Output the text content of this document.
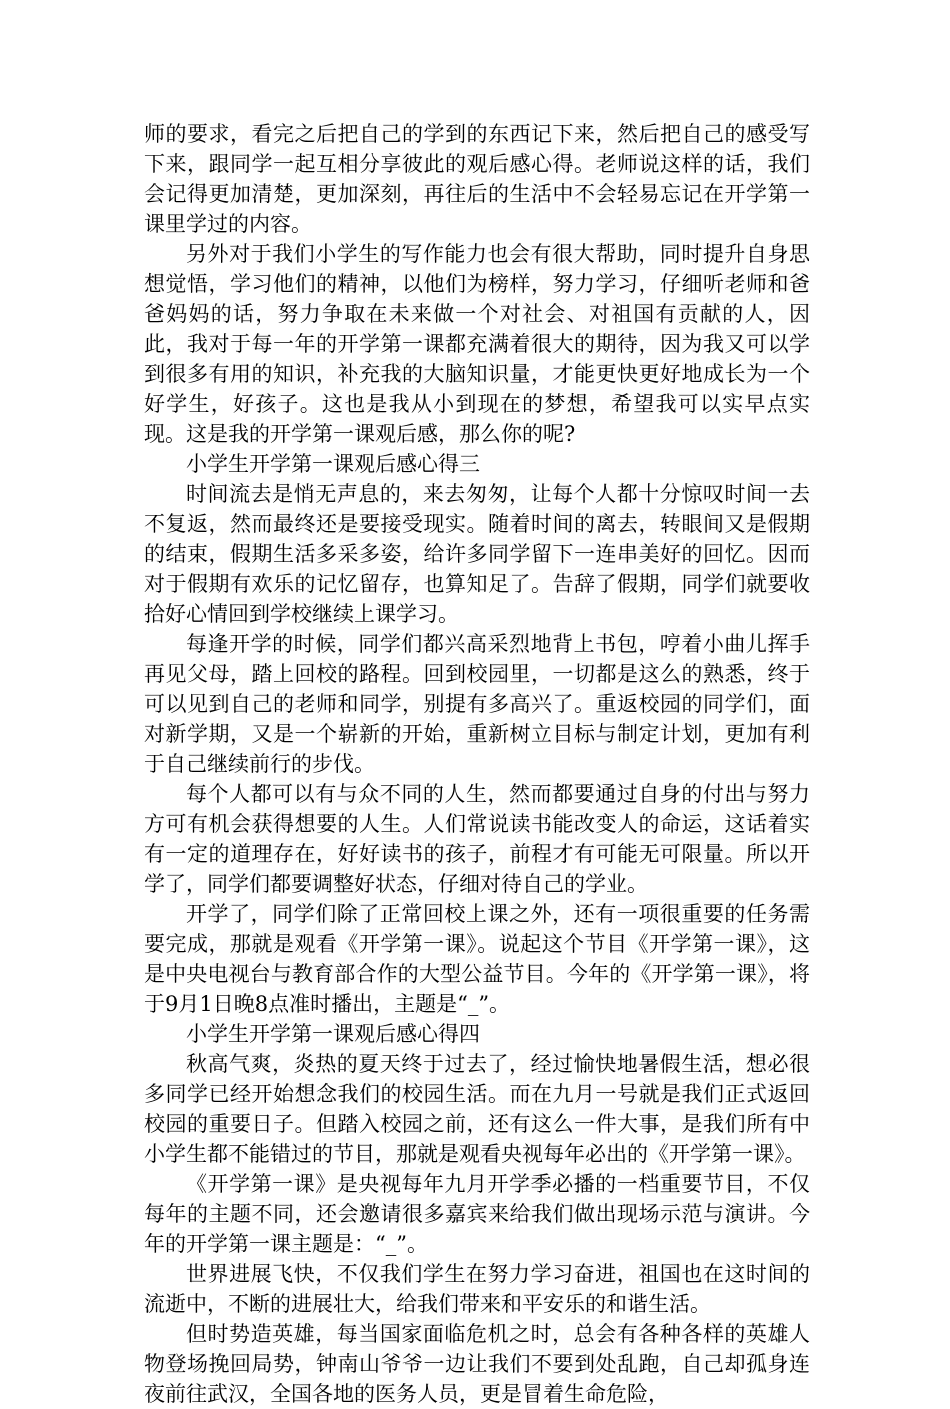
师的要求，看完之后把自己的学到的东西记下来，然后把自己的感受写下来，跟同学一起互相分享彼此的观后感心得。老师说这样的话，我们会记得更加清楚，更加深刻，再往后的生活中不会轻易忘记在开学第一课里学过的内容。

另外对于我们小学生的写作能力也会有很大帮助，同时提升自身思想觉悟，学习他们的精神，以他们为榜样，努力学习，仔细听老师和爸爸妈妈的话，努力争取在未来做一个对社会、对祖国有贡献的人，因此，我对于每一年的开学第一课都充满着很大的期待，因为我又可以学到很多有用的知识，补充我的大脑知识量，才能更快更好地成长为一个好学生，好孩子。这也是我从小到现在的梦想，希望我可以实早点实现。这是我的开学第一课观后感，那么你的呢?

小学生开学第一课观后感心得三

时间流去是悄无声息的，来去匆匆，让每个人都十分惊叹时间一去不复返，然而最终还是要接受现实。随着时间的离去，转眼间又是假期的结束，假期生活多采多姿，给许多同学留下一连串美好的回忆。因而对于假期有欢乐的记忆留存，也算知足了。告辞了假期，同学们就要收拾好心情回到学校继续上课学习。

每逢开学的时候，同学们都兴高采烈地背上书包，哼着小曲儿挥手再见父母，踏上回校的路程。回到校园里，一切都是这么的熟悉，终于可以见到自己的老师和同学，别提有多高兴了。重返校园的同学们，面对新学期，又是一个崭新的开始，重新树立目标与制定计划，更加有利于自己继续前行的步伐。

每个人都可以有与众不同的人生，然而都要通过自身的付出与努力方可有机会获得想要的人生。人们常说读书能改变人的命运，这话着实有一定的道理存在，好好读书的孩子，前程才有可能无可限量。所以开学了，同学们都要调整好状态，仔细对待自己的学业。

开学了，同学们除了正常回校上课之外，还有一项很重要的任务需要完成，那就是观看《开学第一课》。说起这个节目《开学第一课》，这是中央电视台与教育部合作的大型公益节目。今年的《开学第一课》，将于9月1日晚8点准时播出，主题是“_”。

小学生开学第一课观后感心得四

秋高气爽，炎热的夏天终于过去了，经过愉快地暑假生活，想必很多同学已经开始想念我们的校园生活。而在九月一号就是我们正式返回校园的重要日子。但踏入校园之前，还有这么一件大事，是我们所有中小学生都不能错过的节目，那就是观看央视每年必出的《开学第一课》。

《开学第一课》是央视每年九月开学季必播的一档重要节目，不仅每年的主题不同，还会邀请很多嘉宾来给我们做出现场示范与演讲。今年的开学第一课主题是：“_”。

世界进展飞快，不仅我们学生在努力学习奋进，祖国也在这时间的流逝中，不断的进展壮大，给我们带来和平安乐的和谐生活。

但时势造英雄，每当国家面临危机之时，总会有各种各样的英雄人物登场挽回局势，钟南山爷爷一边让我们不要到处乱跑，自己却孤身连夜前往武汉，全国各地的医务人员，更是冒着生命危险，
